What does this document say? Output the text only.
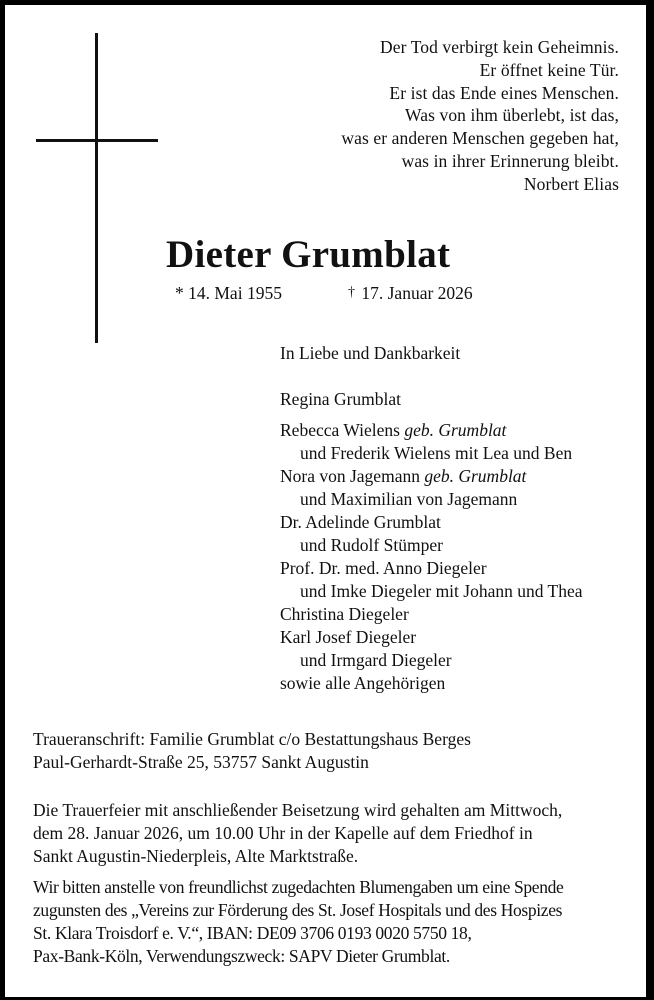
Der Tod verbirgt kein Geheimnis.
Er öffnet keine Tür.
Er ist das Ende eines Menschen.
Was von ihm überlebt, ist das,
was er anderen Menschen gegeben hat,
was in ihrer Erinnerung bleibt.
Norbert Elias
Dieter Grumblat
* 14. Mai 1955	† 17. Januar 2026
In Liebe und Dankbarkeit
Regina Grumblat
Rebecca Wielens geb. Grumblat
und Frederik Wielens mit Lea und Ben
Nora von Jagemann geb. Grumblat
und Maximilian von Jagemann
Dr. Adelinde Grumblat
und Rudolf Stümper
Prof. Dr. med. Anno Diegeler
und Imke Diegeler mit Johann und Thea
Christina Diegeler
Karl Josef Diegeler
und Irmgard Diegeler
sowie alle Angehörigen
Traueranschrift: Familie Grumblat c/o Bestattungshaus Berges
Paul-Gerhardt-Straße 25, 53757 Sankt Augustin
Die Trauerfeier mit anschließender Beisetzung wird gehalten am Mittwoch,
dem 28. Januar 2026, um 10.00 Uhr in der Kapelle auf dem Friedhof in
Sankt Augustin-Niederpleis, Alte Marktstraße.
Wir bitten anstelle von freundlichst zugedachten Blumengaben um eine Spende
zugunsten des „Vereins zur Förderung des St. Josef Hospitals und des Hospizes
St. Klara Troisdorf e. V.“, IBAN: DE09 3706 0193 0020 5750 18,
Pax-Bank-Köln, Verwendungszweck: SAPV Dieter Grumblat.
